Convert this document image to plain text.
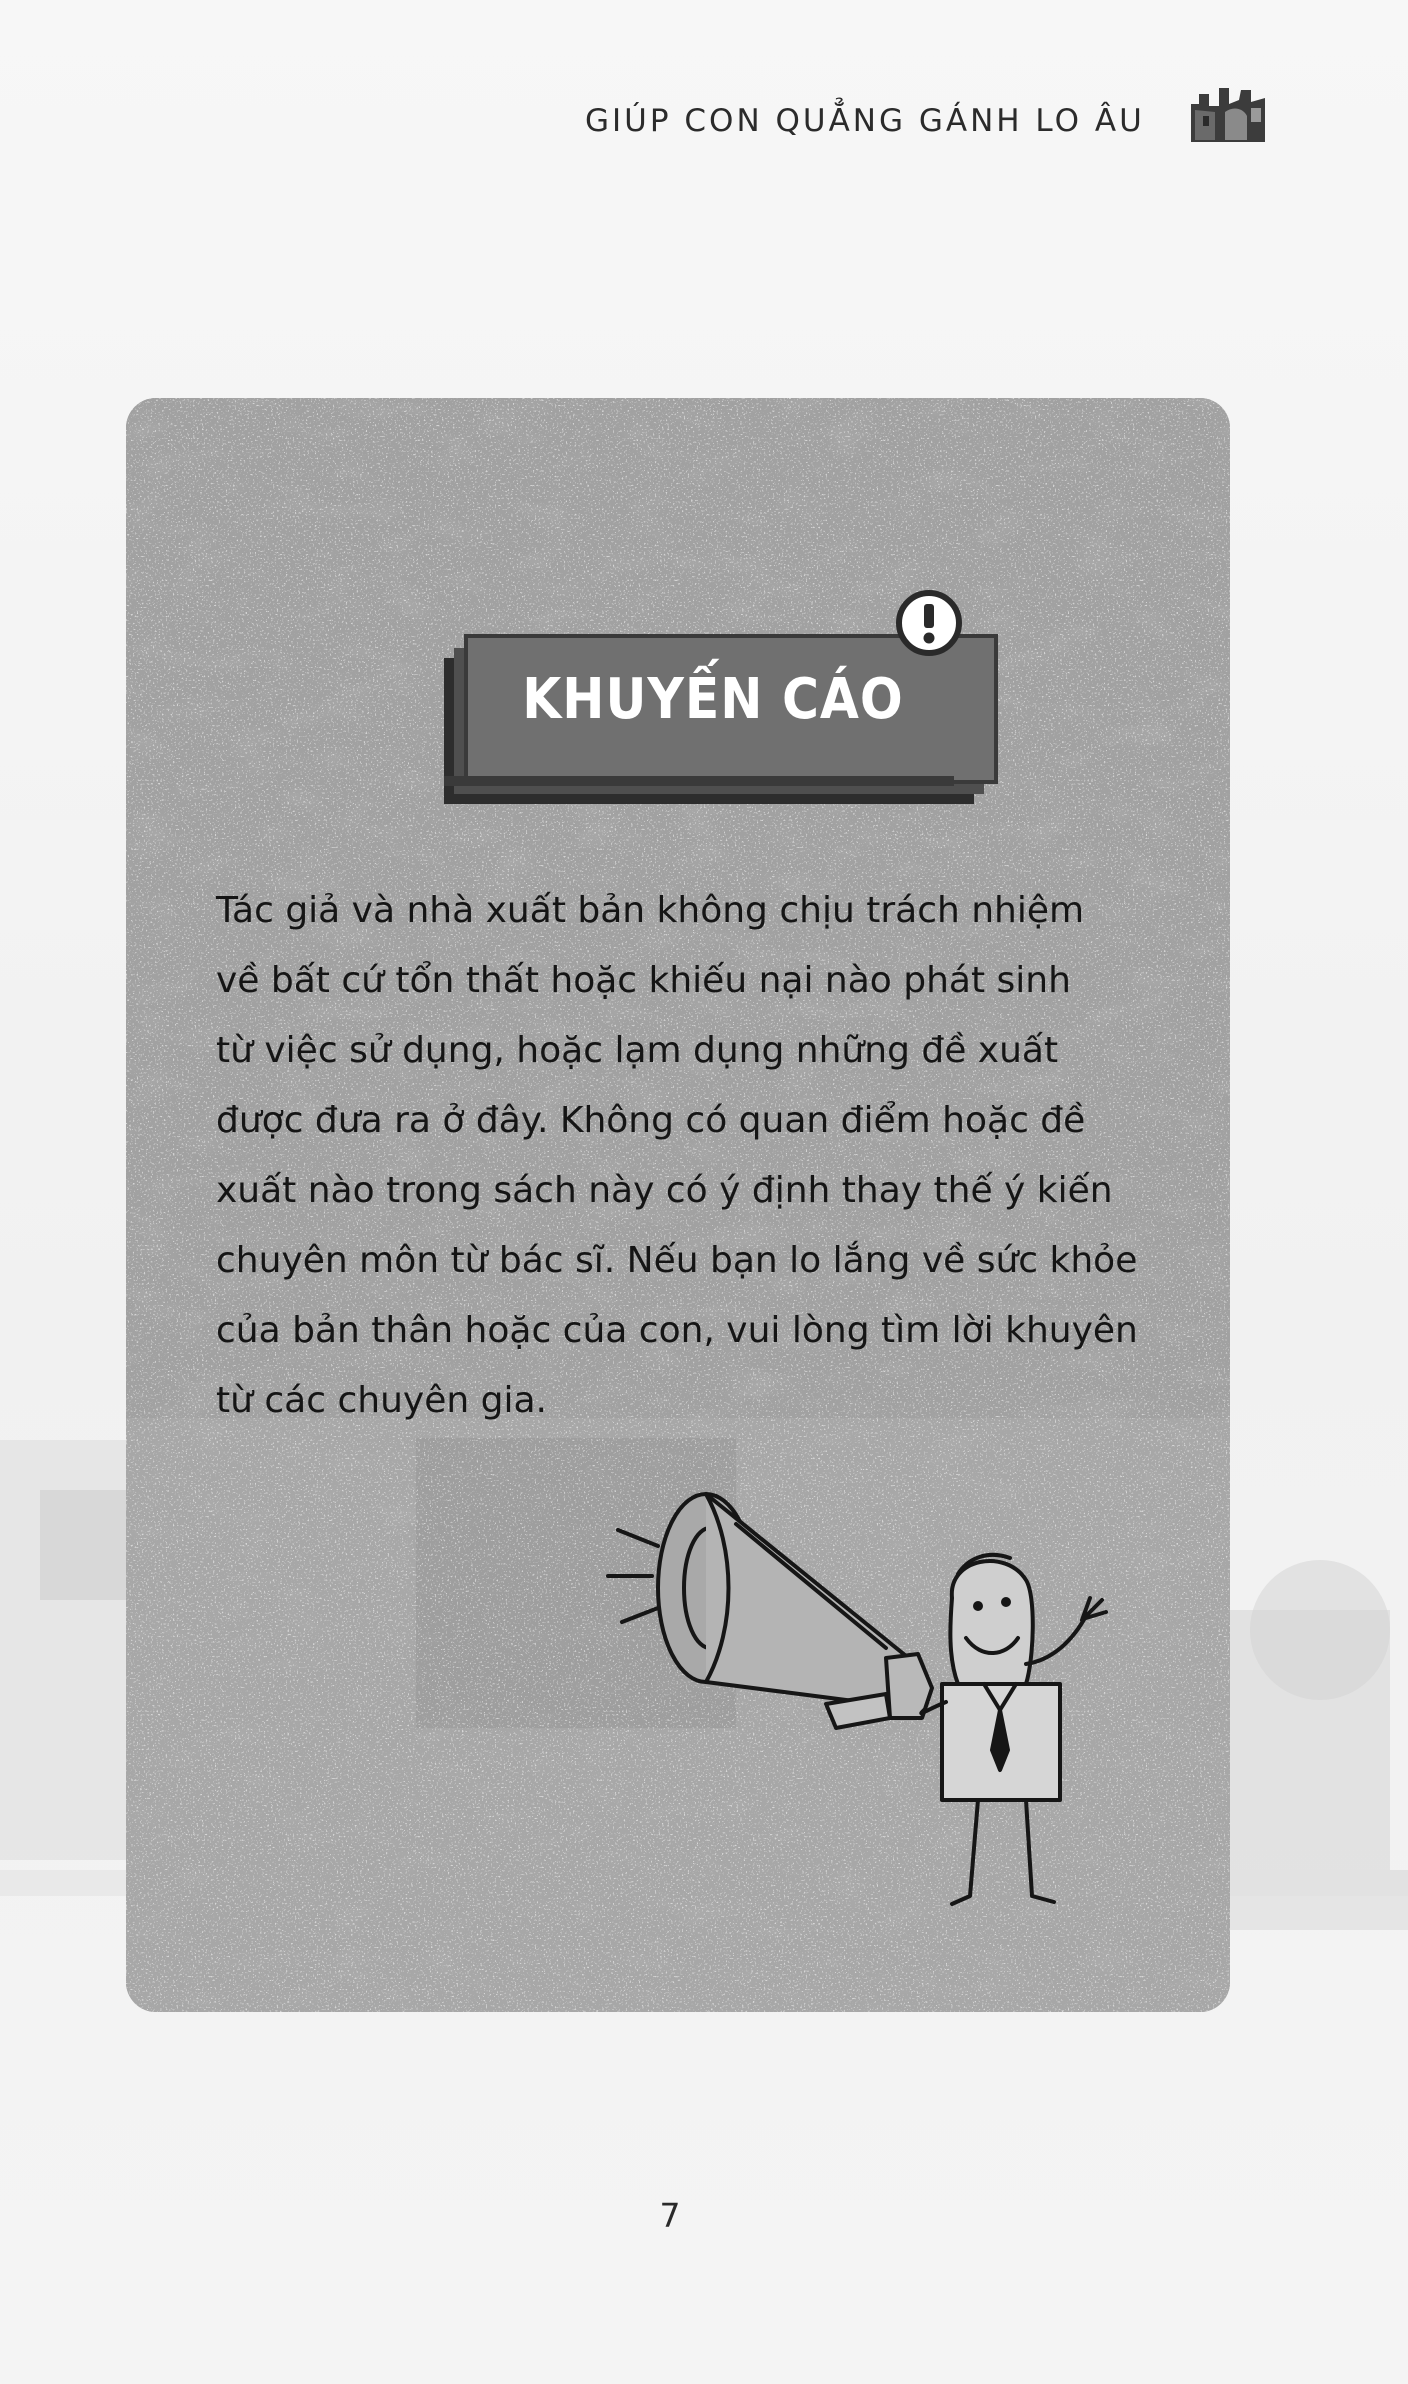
GIÚP CON QUẲNG GÁNH LO ÂU
KHUYẾN CÁO
Tác giả và nhà xuất bản không chịu trách nhiệm
về bất cứ tổn thất hoặc khiếu nại nào phát sinh
từ việc sử dụng, hoặc lạm dụng những đề xuất
được đưa ra ở đây. Không có quan điểm hoặc đề
xuất nào trong sách này có ý định thay thế ý kiến
chuyên môn từ bác sĩ. Nếu bạn lo lắng về sức khỏe
của bản thân hoặc của con, vui lòng tìm lời khuyên
từ các chuyên gia.
7
